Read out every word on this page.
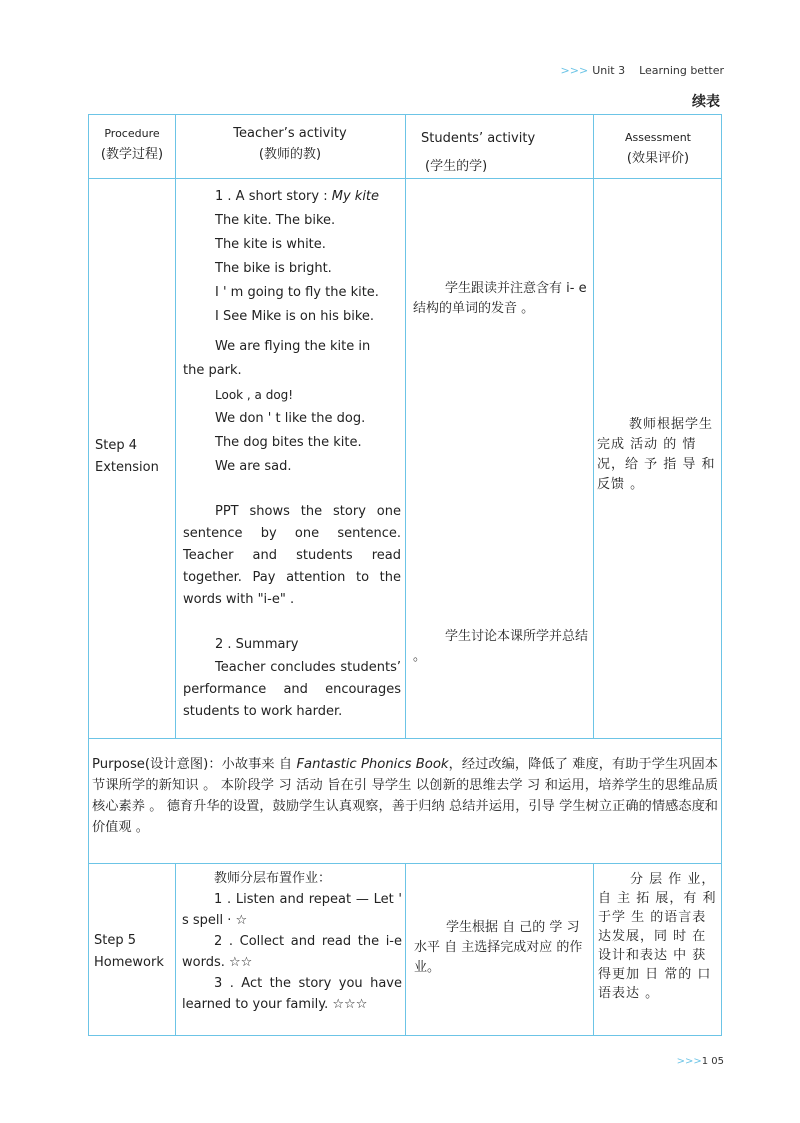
>>> Unit 3 Learning better
续表
Procedure
(教学过程)
Teacher’s activity
(教师的教)
Students’ activity
(学生的学)
Assessment
(效果评价)
Step 4
Extension

1 . A short story : My kite

The kite. The bike.

The kite is white.

The bike is bright.

I ' m going to fly the kite.

I See Mike is on his bike.

We are flying the kite in

the park.

Look , a dog!

We don ' t like the dog.

The dog bites the kite.

We are sad.

PPT shows the story one sentence by one sentence. Teacher and students read together. Pay attention to the words with "i-e" .

2 . Summary

Teacher concludes students’ performance and encourages students to work harder.

学生跟读并注意含有 i- e 结构的单词的发音 。
学生讨论本课所学并总结 。
教师根据学生完成 活动 的 情况，给 予 指 导 和 反馈 。
Purpose(设计意图)：小故事来 自 Fantastic Phonics Book，经过改编，降低了 难度，有助于学生巩固本节课所学的新知识 。 本阶段学 习 活动 旨在引 导学生 以创新的思维去学 习 和运用，培养学生的思维品质核心素养 。 德育升华的设置，鼓励学生认真观察，善于归纳 总结并运用，引导 学生树立正确的情感态度和价值观 。
Step 5
Homework

教师分层布置作业：

1 . Listen and repeat — Let ' s spell · ☆

2 . Collect and read the i-e words. ☆☆

3 . Act the story you have learned to your family. ☆☆☆

学生根据 自 己的 学 习 水平 自 主选择完成对应 的作业。
分 层 作 业， 自 主 拓 展，有 利 于学 生 的语言表达发展，同 时 在 设计和表达 中 获 得更加 日 常的 口 语表达 。
>>>1 05
